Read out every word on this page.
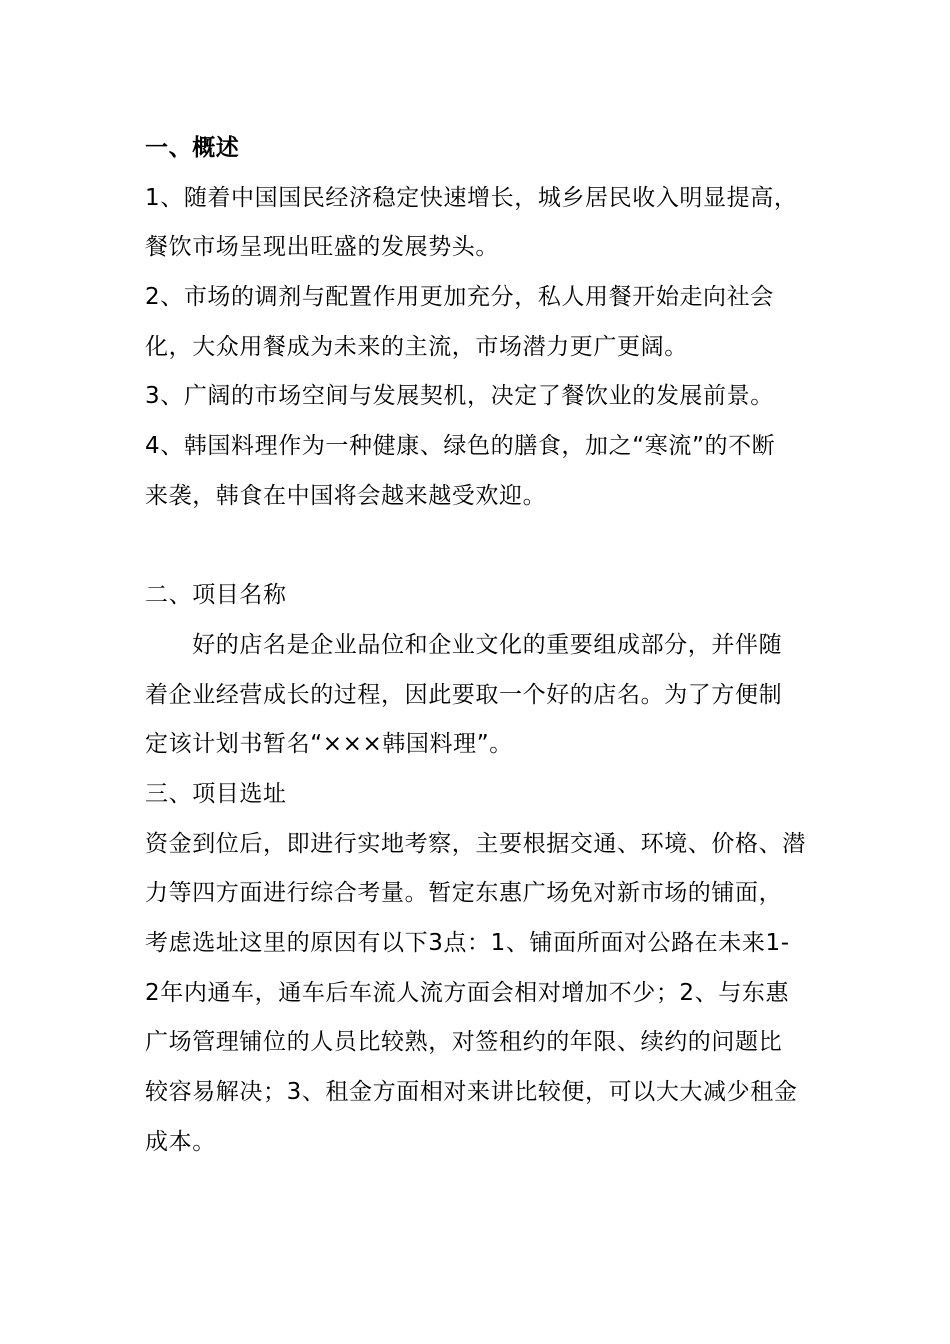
一、概述
1、随着中国国民经济稳定快速增长，城乡居民收入明显提高，
餐饮市场呈现出旺盛的发展势头。
2、市场的调剂与配置作用更加充分，私人用餐开始走向社会
化，大众用餐成为未来的主流，市场潜力更广更阔。
3、广阔的市场空间与发展契机，决定了餐饮业的发展前景。
4、韩国料理作为一种健康、绿色的膳食，加之“寒流”的不断
来袭，韩食在中国将会越来越受欢迎。
二、项目名称
　　好的店名是企业品位和企业文化的重要组成部分，并伴随
着企业经营成长的过程，因此要取一个好的店名。为了方便制
定该计划书暂名“×××韩国料理”。
三、项目选址
资金到位后，即进行实地考察，主要根据交通、环境、价格、潜
力等四方面进行综合考量。暂定东惠广场免对新市场的铺面，
考虑选址这里的原因有以下3点：1、铺面所面对公路在未来1-
2年内通车，通车后车流人流方面会相对增加不少；2、与东惠
广场管理铺位的人员比较熟，对签租约的年限、续约的问题比
较容易解决；3、租金方面相对来讲比较便，可以大大减少租金
成本。
